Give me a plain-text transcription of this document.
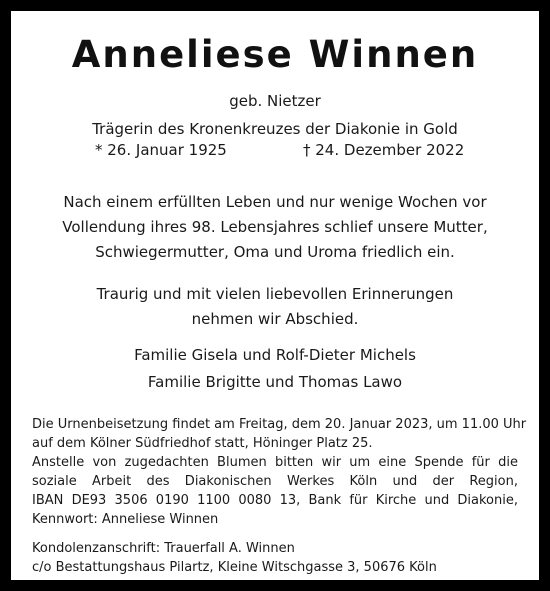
Anneliese Winnen
geb. Nietzer
Trägerin des Kronenkreuzes der Diakonie in Gold
* 26. Januar 1925	† 24. Dezember 2022
Nach einem erfüllten Leben und nur wenige Wochen vor
Vollendung ihres 98. Lebensjahres schlief unsere Mutter,
Schwiegermutter, Oma und Uroma friedlich ein.
Traurig und mit vielen liebevollen Erinnerungen
nehmen wir Abschied.
Familie Gisela und Rolf-Dieter Michels
Familie Brigitte und Thomas Lawo
Die Urnenbeisetzung findet am Freitag, dem 20. Januar 2023, um 11.00 Uhr
auf dem Kölner Südfriedhof statt, Höninger Platz 25.
Anstelle von zugedachten Blumen bitten wir um eine Spende für die
soziale Arbeit des Diakonischen Werkes Köln und der Region,
IBAN DE93 3506 0190 1100 0080 13, Bank für Kirche und Diakonie,
Kennwort: Anneliese Winnen
Kondolenzanschrift: Trauerfall A. Winnen
c/o Bestattungshaus Pilartz, Kleine Witschgasse 3, 50676 Köln
